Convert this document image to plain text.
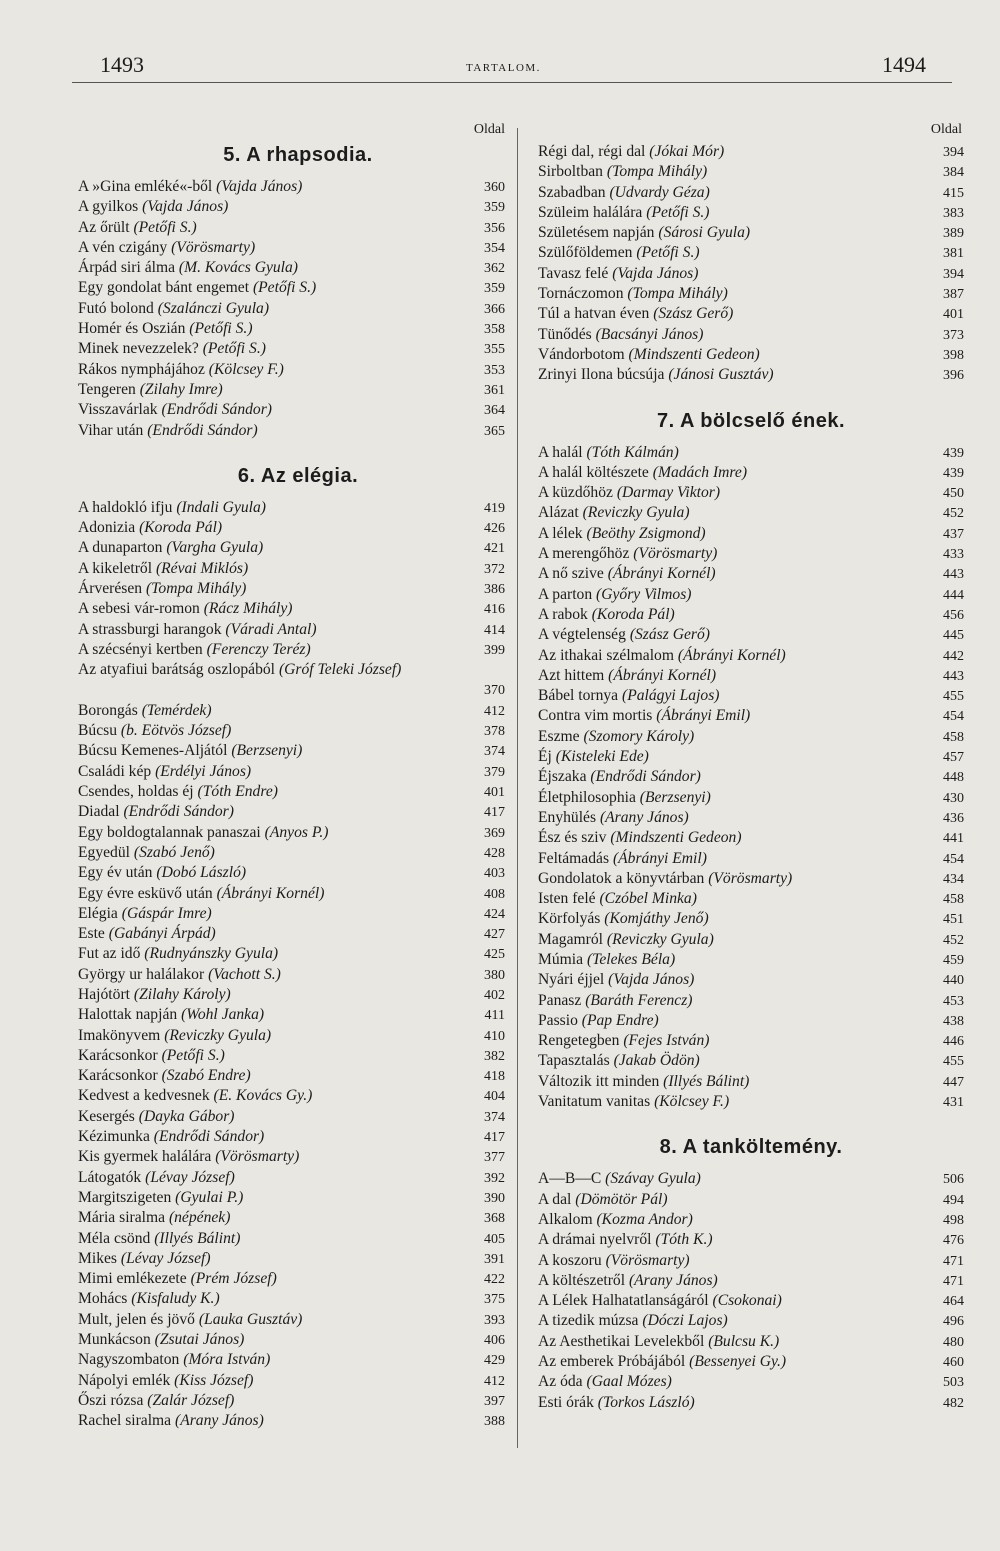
1493	TARTALOM.	1494
Oldal
5. A rhapsodia.
A »Gina emléké«-ből (Vajda János)	360
A gyilkos (Vajda János)	359
Az őrült (Petőfi S.)	356
A vén czigány (Vörösmarty)	354
Árpád siri álma (M. Kovács Gyula)	362
Egy gondolat bánt engemet (Petőfi S.)	359
Futó bolond (Szalánczi Gyula)	366
Homér és Oszián (Petőfi S.)	358
Minek nevezzelek? (Petőfi S.)	355
Rákos nymphájához (Kölcsey F.)	353
Tengeren (Zilahy Imre)	361
Visszavárlak (Endrődi Sándor)	364
Vihar után (Endrődi Sándor)	365
6. Az elégia.
A haldokló ifju (Indali Gyula)	419
Adonizia (Koroda Pál)	426
A dunaparton (Vargha Gyula)	421
A kikeletről (Révai Miklós)	372
Árverésen (Tompa Mihály)	386
A sebesi vár-romon (Rácz Mihály)	416
A strassburgi harangok (Váradi Antal)	414
A szécsényi kertben (Ferenczy Teréz)	399
Az atyafiui barátság oszlopából (Gróf Teleki József)
370
Borongás (Temérdek)	412
Búcsu (b. Eötvös József)	378
Búcsu Kemenes-Aljától (Berzsenyi)	374
Családi kép (Erdélyi János)	379
Csendes, holdas éj (Tóth Endre)	401
Diadal (Endrődi Sándor)	417
Egy boldogtalannak panaszai (Anyos P.)	369
Egyedül (Szabó Jenő)	428
Egy év után (Dobó László)	403
Egy évre esküvő után (Ábrányi Kornél)	408
Elégia (Gáspár Imre)	424
Este (Gabányi Árpád)	427
Fut az idő (Rudnyánszky Gyula)	425
György ur halálakor (Vachott S.)	380
Hajótört (Zilahy Károly)	402
Halottak napján (Wohl Janka)	411
Imakönyvem (Reviczky Gyula)	410
Karácsonkor (Petőfi S.)	382
Karácsonkor (Szabó Endre)	418
Kedvest a kedvesnek (E. Kovács Gy.)	404
Kesergés (Dayka Gábor)	374
Kézimunka (Endrődi Sándor)	417
Kis gyermek halálára (Vörösmarty)	377
Látogatók (Lévay József)	392
Margitszigeten (Gyulai P.)	390
Mária siralma (népének)	368
Méla csönd (Illyés Bálint)	405
Mikes (Lévay József)	391
Mimi emlékezete (Prém József)	422
Mohács (Kisfaludy K.)	375
Mult, jelen és jövő (Lauka Gusztáv)	393
Munkácson (Zsutai János)	406
Nagyszombaton (Móra István)	429
Nápolyi emlék (Kiss József)	412
Őszi rózsa (Zalár József)	397
Rachel siralma (Arany János)	388
Oldal
Régi dal, régi dal (Jókai Mór)	394
Sirboltban (Tompa Mihály)	384
Szabadban (Udvardy Géza)	415
Szüleim halálára (Petőfi S.)	383
Születésem napján (Sárosi Gyula)	389
Szülőföldemen (Petőfi S.)	381
Tavasz felé (Vajda János)	394
Tornáczomon (Tompa Mihály)	387
Túl a hatvan éven (Szász Gerő)	401
Tünődés (Bacsányi János)	373
Vándorbotom (Mindszenti Gedeon)	398
Zrinyi Ilona búcsúja (Jánosi Gusztáv)	396
7. A bölcselő ének.
A halál (Tóth Kálmán)	439
A halál költészete (Madách Imre)	439
A küzdőhöz (Darmay Viktor)	450
Alázat (Reviczky Gyula)	452
A lélek (Beöthy Zsigmond)	437
A merengőhöz (Vörösmarty)	433
A nő szive (Ábrányi Kornél)	443
A parton (Győry Vilmos)	444
A rabok (Koroda Pál)	456
A végtelenség (Szász Gerő)	445
Az ithakai szélmalom (Ábrányi Kornél)	442
Azt hittem (Ábrányi Kornél)	443
Bábel tornya (Palágyi Lajos)	455
Contra vim mortis (Ábrányi Emil)	454
Eszme (Szomory Károly)	458
Éj (Kisteleki Ede)	457
Éjszaka (Endrődi Sándor)	448
Életphilosophia (Berzsenyi)	430
Enyhülés (Arany János)	436
Ész és sziv (Mindszenti Gedeon)	441
Feltámadás (Ábrányi Emil)	454
Gondolatok a könyvtárban (Vörösmarty)	434
Isten felé (Czóbel Minka)	458
Körfolyás (Komjáthy Jenő)	451
Magamról (Reviczky Gyula)	452
Múmia (Telekes Béla)	459
Nyári éjjel (Vajda János)	440
Panasz (Baráth Ferencz)	453
Passio (Pap Endre)	438
Rengetegben (Fejes István)	446
Tapasztalás (Jakab Ödön)	455
Változik itt minden (Illyés Bálint)	447
Vanitatum vanitas (Kölcsey F.)	431
8. A tanköltemény.
A—B—C (Szávay Gyula)	506
A dal (Dömötör Pál)	494
Alkalom (Kozma Andor)	498
A drámai nyelvről (Tóth K.)	476
A koszoru (Vörösmarty)	471
A költészetről (Arany János)	471
A Lélek Halhatatlanságáról (Csokonai)	464
A tizedik múzsa (Dóczi Lajos)	496
Az Aesthetikai Levelekből (Bulcsu K.)	480
Az emberek Próbájából (Bessenyei Gy.)	460
Az óda (Gaal Mózes)	503
Esti órák (Torkos László)	482
